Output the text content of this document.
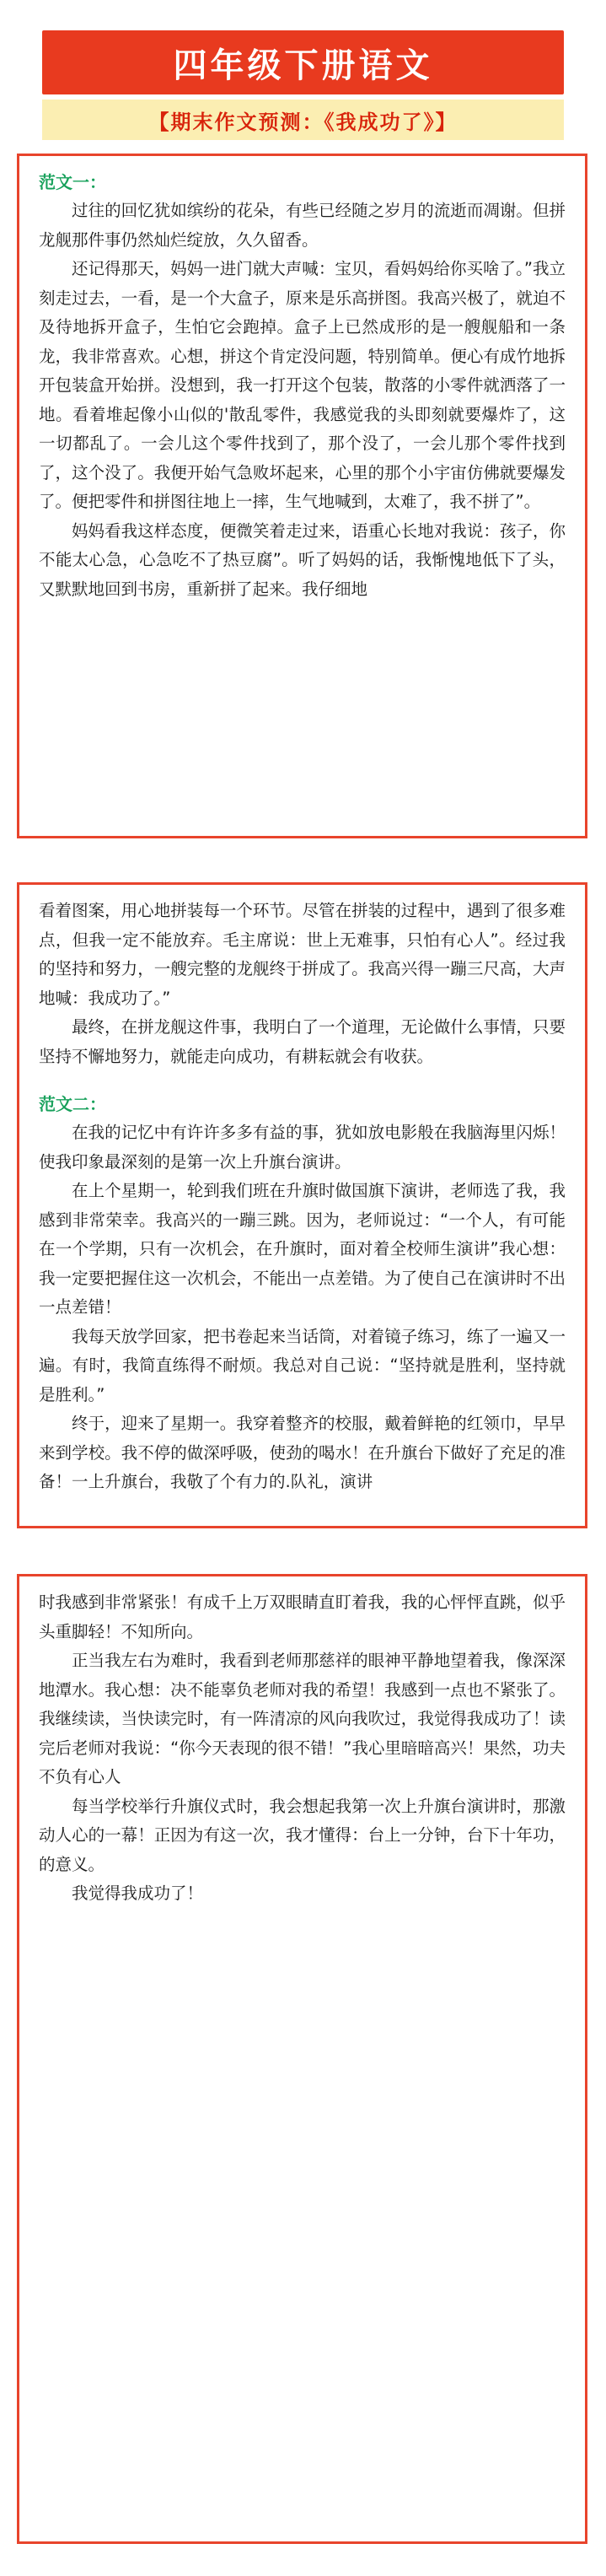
四年级下册语文
【期末作文预测：《我成功了》】
范文一：

过往的回忆犹如缤纷的花朵，有些已经随之岁月的流逝而凋谢。但拼龙舰那件事仍然灿烂绽放，久久留香。

还记得那天，妈妈一进门就大声喊：宝贝，看妈妈给你买啥了。”我立刻走过去，一看，是一个大盒子，原来是乐高拼图。我高兴极了，就迫不及待地拆开盒子，生怕它会跑掉。盒子上已然成形的是一艘舰船和一条龙，我非常喜欢。心想，拼这个肯定没问题，特别简单。便心有成竹地拆开包装盒开始拼。没想到，我一打开这个包装，散落的小零件就洒落了一地。看着堆起像小山似的'散乱零件，我感觉我的头即刻就要爆炸了，这一切都乱了。一会儿这个零件找到了，那个没了，一会儿那个零件找到了，这个没了。我便开始气急败坏起来，心里的那个小宇宙仿佛就要爆发了。便把零件和拼图往地上一摔，生气地喊到，太难了，我不拼了”。

妈妈看我这样态度，便微笑着走过来，语重心长地对我说：孩子，你不能太心急，心急吃不了热豆腐”。听了妈妈的话，我惭愧地低下了头，又默默地回到书房，重新拼了起来。我仔细地

看着图案，用心地拼装每一个环节。尽管在拼装的过程中，遇到了很多难点，但我一定不能放弃。毛主席说：世上无难事，只怕有心人”。经过我的坚持和努力，一艘完整的龙舰终于拼成了。我高兴得一蹦三尺高，大声地喊：我成功了。”

最终，在拼龙舰这件事，我明白了一个道理，无论做什么事情，只要坚持不懈地努力，就能走向成功，有耕耘就会有收获。

范文二：

在我的记忆中有许许多多有益的事，犹如放电影般在我脑海里闪烁！使我印象最深刻的是第一次上升旗台演讲。

在上个星期一，轮到我们班在升旗时做国旗下演讲，老师选了我，我感到非常荣幸。我高兴的一蹦三跳。因为，老师说过：“一个人，有可能在一个学期，只有一次机会，在升旗时，面对着全校师生演讲”我心想：我一定要把握住这一次机会，不能出一点差错。为了使自己在演讲时不出一点差错！

我每天放学回家，把书卷起来当话筒，对着镜子练习，练了一遍又一遍。有时，我简直练得不耐烦。我总对自己说：“坚持就是胜利，坚持就是胜利。”

终于，迎来了星期一。我穿着整齐的校服，戴着鲜艳的红领巾，早早来到学校。我不停的做深呼吸，使劲的喝水！在升旗台下做好了充足的准备！一上升旗台，我敬了个有力的.队礼，演讲

时我感到非常紧张！有成千上万双眼睛直盯着我，我的心怦怦直跳，似乎头重脚轻！不知所向。

正当我左右为难时，我看到老师那慈祥的眼神平静地望着我，像深深地潭水。我心想：决不能辜负老师对我的希望！我感到一点也不紧张了。我继续读，当快读完时，有一阵清凉的风向我吹过，我觉得我成功了！读完后老师对我说：“你今天表现的很不错！”我心里暗暗高兴！果然，功夫不负有心人

每当学校举行升旗仪式时，我会想起我第一次上升旗台演讲时，那激动人心的一幕！正因为有这一次，我才懂得：台上一分钟，台下十年功，的意义。

我觉得我成功了！
